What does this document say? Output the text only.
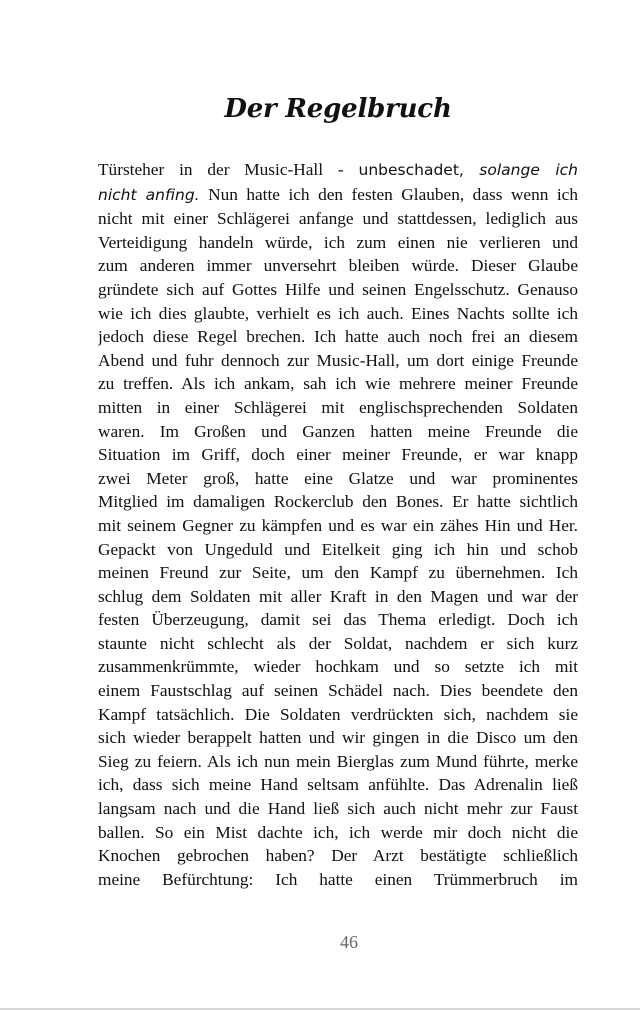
Der Regelbruch
Türsteher in der Music-Hall - unbeschadet, solange ich
nicht anfing. Nun hatte ich den festen Glauben, dass wenn ich
nicht mit einer Schlägerei anfange und stattdessen, lediglich aus
Verteidigung handeln würde, ich zum einen nie verlieren und
zum anderen immer unversehrt bleiben würde. Dieser Glaube
gründete sich auf Gottes Hilfe und seinen Engelsschutz. Genauso
wie ich dies glaubte, verhielt es ich auch. Eines Nachts sollte ich
jedoch diese Regel brechen. Ich hatte auch noch frei an diesem
Abend und fuhr dennoch zur Music-Hall, um dort einige Freunde
zu treffen. Als ich ankam, sah ich wie mehrere meiner Freunde
mitten in einer Schlägerei mit englischsprechenden Soldaten
waren. Im Großen und Ganzen hatten meine Freunde die
Situation im Griff, doch einer meiner Freunde, er war knapp
zwei Meter groß, hatte eine Glatze und war prominentes
Mitglied im damaligen Rockerclub den Bones. Er hatte sichtlich
mit seinem Gegner zu kämpfen und es war ein zähes Hin und Her.
Gepackt von Ungeduld und Eitelkeit ging ich hin und schob
meinen Freund zur Seite, um den Kampf zu übernehmen. Ich
schlug dem Soldaten mit aller Kraft in den Magen und war der
festen Überzeugung, damit sei das Thema erledigt. Doch ich
staunte nicht schlecht als der Soldat, nachdem er sich kurz
zusammenkrümmte, wieder hochkam und so setzte ich mit
einem Faustschlag auf seinen Schädel nach. Dies beendete den
Kampf tatsächlich. Die Soldaten verdrückten sich, nachdem sie
sich wieder berappelt hatten und wir gingen in die Disco um den
Sieg zu feiern. Als ich nun mein Bierglas zum Mund führte, merke
ich, dass sich meine Hand seltsam anfühlte. Das Adrenalin ließ
langsam nach und die Hand ließ sich auch nicht mehr zur Faust
ballen. So ein Mist dachte ich, ich werde mir doch nicht die
Knochen gebrochen haben? Der Arzt bestätigte schließlich
meine Befürchtung: Ich hatte einen Trümmerbruch im
46
